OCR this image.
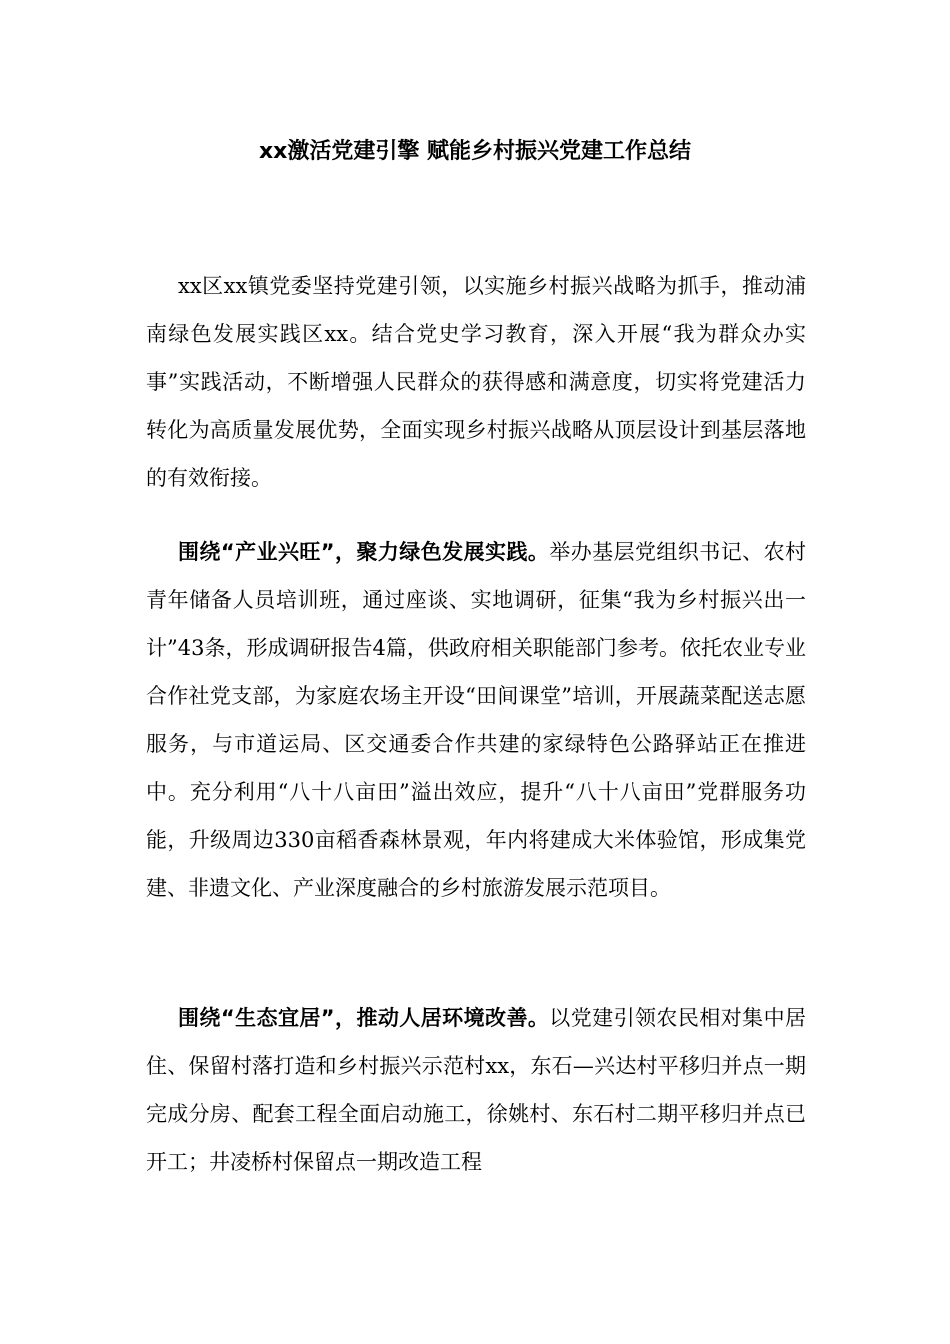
xx激活党建引擎 赋能乡村振兴党建工作总结

xx区xx镇党委坚持党建引领，以实施乡村振兴战略为抓手，推动浦南绿色发展实践区xx。结合党史学习教育，深入开展“我为群众办实事”实践活动，不断增强人民群众的获得感和满意度，切实将党建活力转化为高质量发展优势，全面实现乡村振兴战略从顶层设计到基层落地的有效衔接。

围绕“产业兴旺”，聚力绿色发展实践。举办基层党组织书记、农村青年储备人员培训班，通过座谈、实地调研，征集“我为乡村振兴出一计”43条，形成调研报告4篇，供政府相关职能部门参考。依托农业专业合作社党支部，为家庭农场主开设“田间课堂”培训，开展蔬菜配送志愿服务，与市道运局、区交通委合作共建的家绿特色公路驿站正在推进中。充分利用“八十八亩田”溢出效应，提升“八十八亩田”党群服务功能，升级周边330亩稻香森林景观，年内将建成大米体验馆，形成集党建、非遗文化、产业深度融合的乡村旅游发展示范项目。

围绕“生态宜居”，推动人居环境改善。以党建引领农民相对集中居住、保留村落打造和乡村振兴示范村xx，东石—兴达村平移归并点一期完成分房、配套工程全面启动施工，徐姚村、东石村二期平移归并点已开工；井凌桥村保留点一期改造工程
